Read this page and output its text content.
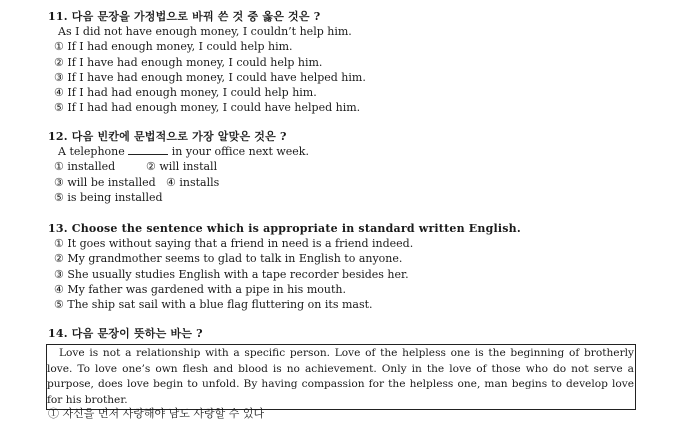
11. 다음 문장을 가정법으로 바꿔 쓴 것 중 옳은 것은 ?
As I did not have enough money, I couldn’t help him.
① If I had enough money, I could help him.
② If I have had enough money, I could help him.
③ If I have had enough money, I could have helped him.
④ If I had had enough money, I could help him.
⑤ If I had had enough money, I could have helped him.
12. 다음 빈칸에 문법적으로 가장 알맞은 것은 ?
A telephone	in your office next week.
① installed	② will install
③ will be installed ④ installs
⑤ is being installed
13. Choose the sentence which is appropriate in standard written English.
① It goes without saying that a friend in need is a friend indeed.
② My grandmother seems to glad to talk in English to anyone.
③ She usually studies English with a tape recorder besides her.
④ My father was gardened with a pipe in his mouth.
⑤ The ship sat sail with a blue flag fluttering on its mast.
14. 다음 문장이 뜻하는 바는 ?

Love is not a relationship with a specific person. Love of the helpless one is the beginning of brotherly love. To love one’s own flesh and blood is no achievement. Only in the love of those who do not serve a purpose, does love begin to unfold. By having compassion for the helpless one, man begins to develop love for his brother.

① 자신을 먼저 사랑해야 남도 사랑할 수 있다
